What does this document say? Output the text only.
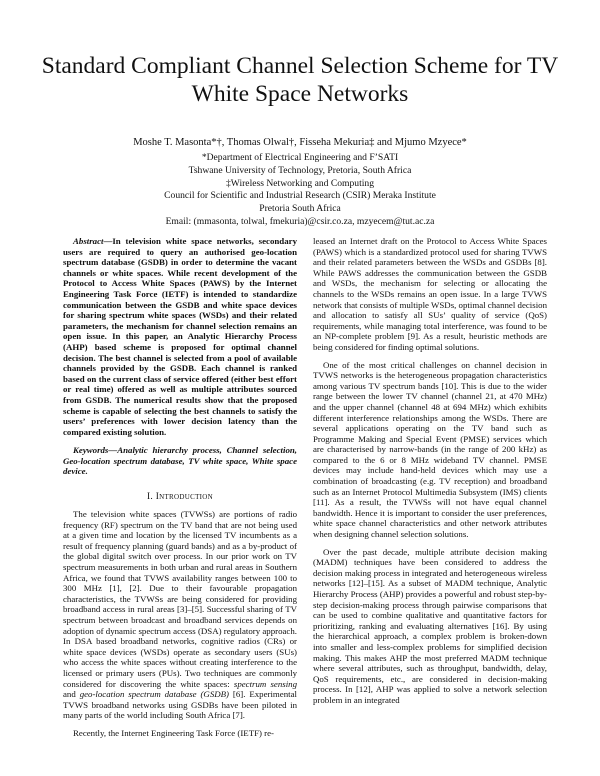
Standard Compliant Channel Selection Scheme for TV White Space Networks
Moshe T. Masonta*†, Thomas Olwal†, Fisseha Mekuria‡ and Mjumo Mzyece*
*Department of Electrical Engineering and F’SATI
Tshwane University of Technology, Pretoria, South Africa
‡Wireless Networking and Computing
Council for Scientific and Industrial Research (CSIR) Meraka Institute
Pretoria South Africa
Email: (mmasonta, tolwal, fmekuria)@csir.co.za, mzyecem@tut.ac.za

Abstract—In television white space networks, secondary users are required to query an authorised geo-location spectrum database (GSDB) in order to determine the vacant channels or white spaces. While recent development of the Protocol to Access White Spaces (PAWS) by the Internet Engineering Task Force (IETF) is intended to standardize communication between the GSDB and white space devices for sharing spectrum white spaces (WSDs) and their related parameters, the mechanism for channel selection remains an open issue. In this paper, an Analytic Hierarchy Process (AHP) based scheme is proposed for optimal channel decision. The best channel is selected from a pool of available channels provided by the GSDB. Each channel is ranked based on the current class of service offered (either best effort or real time) offered as well as multiple attributes sourced from GSDB. The numerical results show that the proposed scheme is capable of selecting the best channels to satisfy the users’ preferences with lower decision latency than the compared existing solution.

Keywords—Analytic hierarchy process, Channel selection, Geo-location spectrum database, TV white space, White space device.

I. Introduction

The television white spaces (TVWSs) are portions of radio frequency (RF) spectrum on the TV band that are not being used at a given time and location by the licensed TV incumbents as a result of frequency planning (guard bands) and as a by-product of the global digital switch over process. In our prior work on TV spectrum measurements in both urban and rural areas in Southern Africa, we found that TVWS availability ranges between 100 to 300 MHz [1], [2]. Due to their favourable propagation characteristics, the TVWSs are being considered for providing broadband access in rural areas [3]–[5]. Successful sharing of TV spectrum between broadcast and broadband services depends on adoption of dynamic spectrum access (DSA) regulatory approach. In DSA based broadband networks, cognitive radios (CRs) or white space devices (WSDs) operate as secondary users (SUs) who access the white spaces without creating interference to the licensed or primary users (PUs). Two techniques are commonly considered for discovering the white spaces: spectrum sensing and geo-location spectrum database (GSDB) [6]. Experimental TVWS broadband networks using GSDBs have been piloted in many parts of the world including South Africa [7].

Recently, the Internet Engineering Task Force (IETF) re-

leased an Internet draft on the Protocol to Access White Spaces (PAWS) which is a standardized protocol used for sharing TVWS and their related parameters between the WSDs and GSDBs [8]. While PAWS addresses the communication between the GSDB and WSDs, the mechanism for selecting or allocating the channels to the WSDs remains an open issue. In a large TVWS network that consists of multiple WSDs, optimal channel decision and allocation to satisfy all SUs’ quality of service (QoS) requirements, while managing total interference, was found to be an NP-complete problem [9]. As a result, heuristic methods are being considered for finding optimal solutions.

One of the most critical challenges on channel decision in TVWS networks is the heterogeneous propagation characteristics among various TV spectrum bands [10]. This is due to the wider range between the lower TV channel (channel 21, at 470 MHz) and the upper channel (channel 48 at 694 MHz) which exhibits different interference relationships among the WSDs. There are several applications operating on the TV band such as Programme Making and Special Event (PMSE) services which are characterised by narrow-bands (in the range of 200 kHz) as compared to the 6 or 8 MHz wideband TV channel. PMSE devices may include hand-held devices which may use a combination of broadcasting (e.g. TV reception) and broadband such as an Internet Protocol Multimedia Subsystem (IMS) clients [11]. As a result, the TVWSs will not have equal channel bandwidth. Hence it is important to consider the user preferences, white space channel characteristics and other network attributes when designing channel selection solutions.

Over the past decade, multiple attribute decision making (MADM) techniques have been considered to address the decision making process in integrated and heterogeneous wireless networks [12]–[15]. As a subset of MADM technique, Analytic Hierarchy Process (AHP) provides a powerful and robust step-by-step decision-making process through pairwise comparisons that can be used to combine qualitative and quantitative factors for prioritizing, ranking and evaluating alternatives [16]. By using the hierarchical approach, a complex problem is broken-down into smaller and less-complex problems for simplified decision making. This makes AHP the most preferred MADM technique where several attributes, such as throughput, bandwidth, delay, QoS requirements, etc., are considered in decision-making process. In [12], AHP was applied to solve a network selection problem in an integrated
